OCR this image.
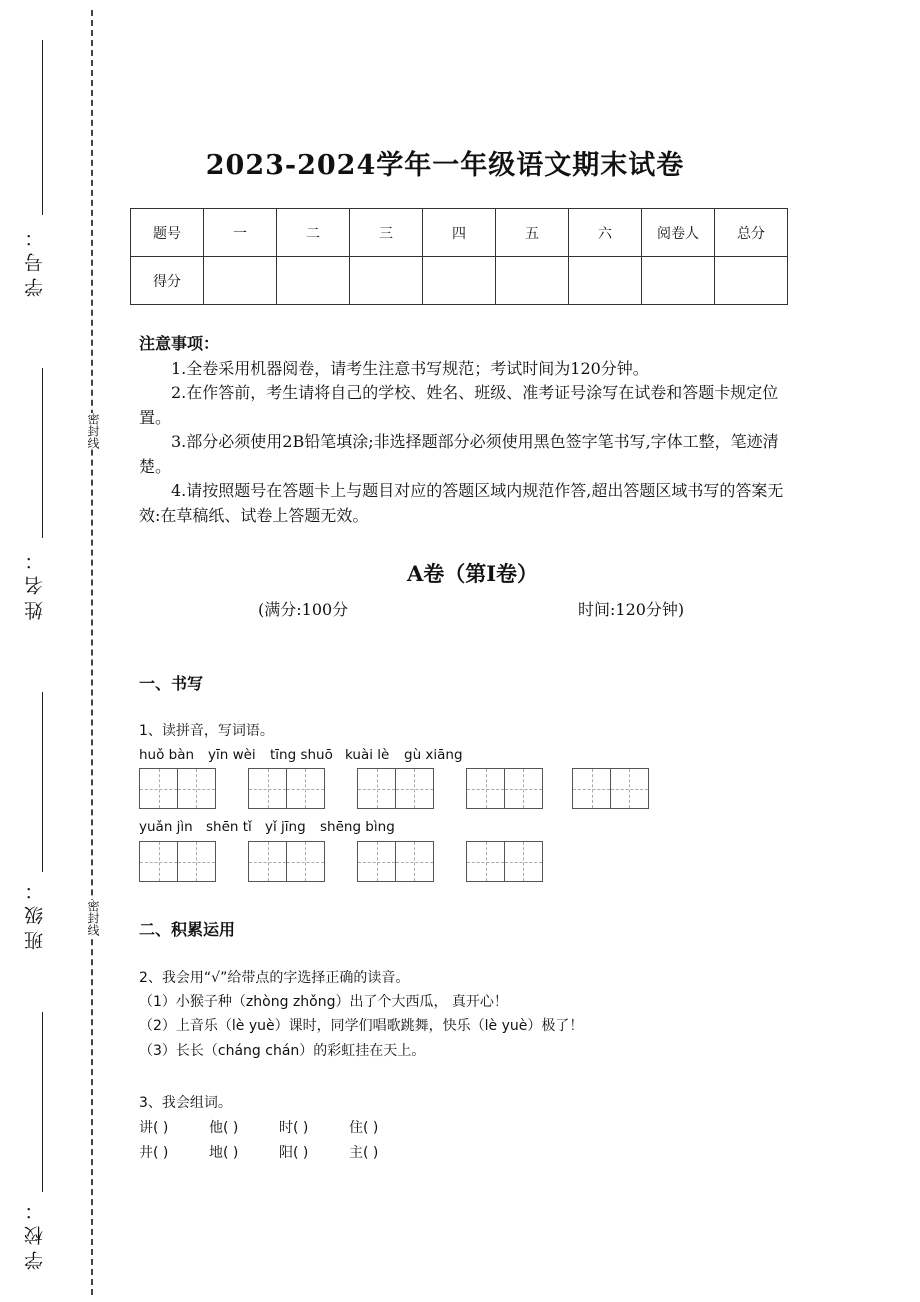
学号：
姓名：
班级：
学校：
密封线
密封线
2023-2024学年一年级语文期末试卷
题号	一	二	三	四	五	六	阅卷人	总分
得分								
注意事项：

1.全卷采用机器阅卷，请考生注意书写规范；考试时间为120分钟。

2.在作答前，考生请将自己的学校、姓名、班级、准考证号涂写在试卷和答题卡规定位置。

3.部分必须使用2B铅笔填涂;非选择题部分必须使用黑色签字笔书写,字体工整，笔迹清楚。

4.请按照题号在答题卡上与题目对应的答题区域内规范作答,超出答题区域书写的答案无效:在草稿纸、试卷上答题无效。

A卷（第I卷）
(满分:100分	时间:120分钟)
一、书写
1、读拼音，写词语。
huǒ bàn yīn wèi tīng shuō kuài lè gù xiāng
yuǎn jìn shēn tǐ yǐ jīng shēng bìng
二、积累运用
2、我会用“√”给带点的字选择正确的读音。
（1）小猴子种（zhòng zhǒng）出了个大西瓜， 真开心！
（2）上音乐（lè yuè）课时，同学们唱歌跳舞，快乐（lè yuè）极了！
（3）长长（cháng chán）的彩虹挂在天上。
3、我会组词。
讲( )	他( )	时( )	住( )
井( )	地( )	阳( )	主( )
